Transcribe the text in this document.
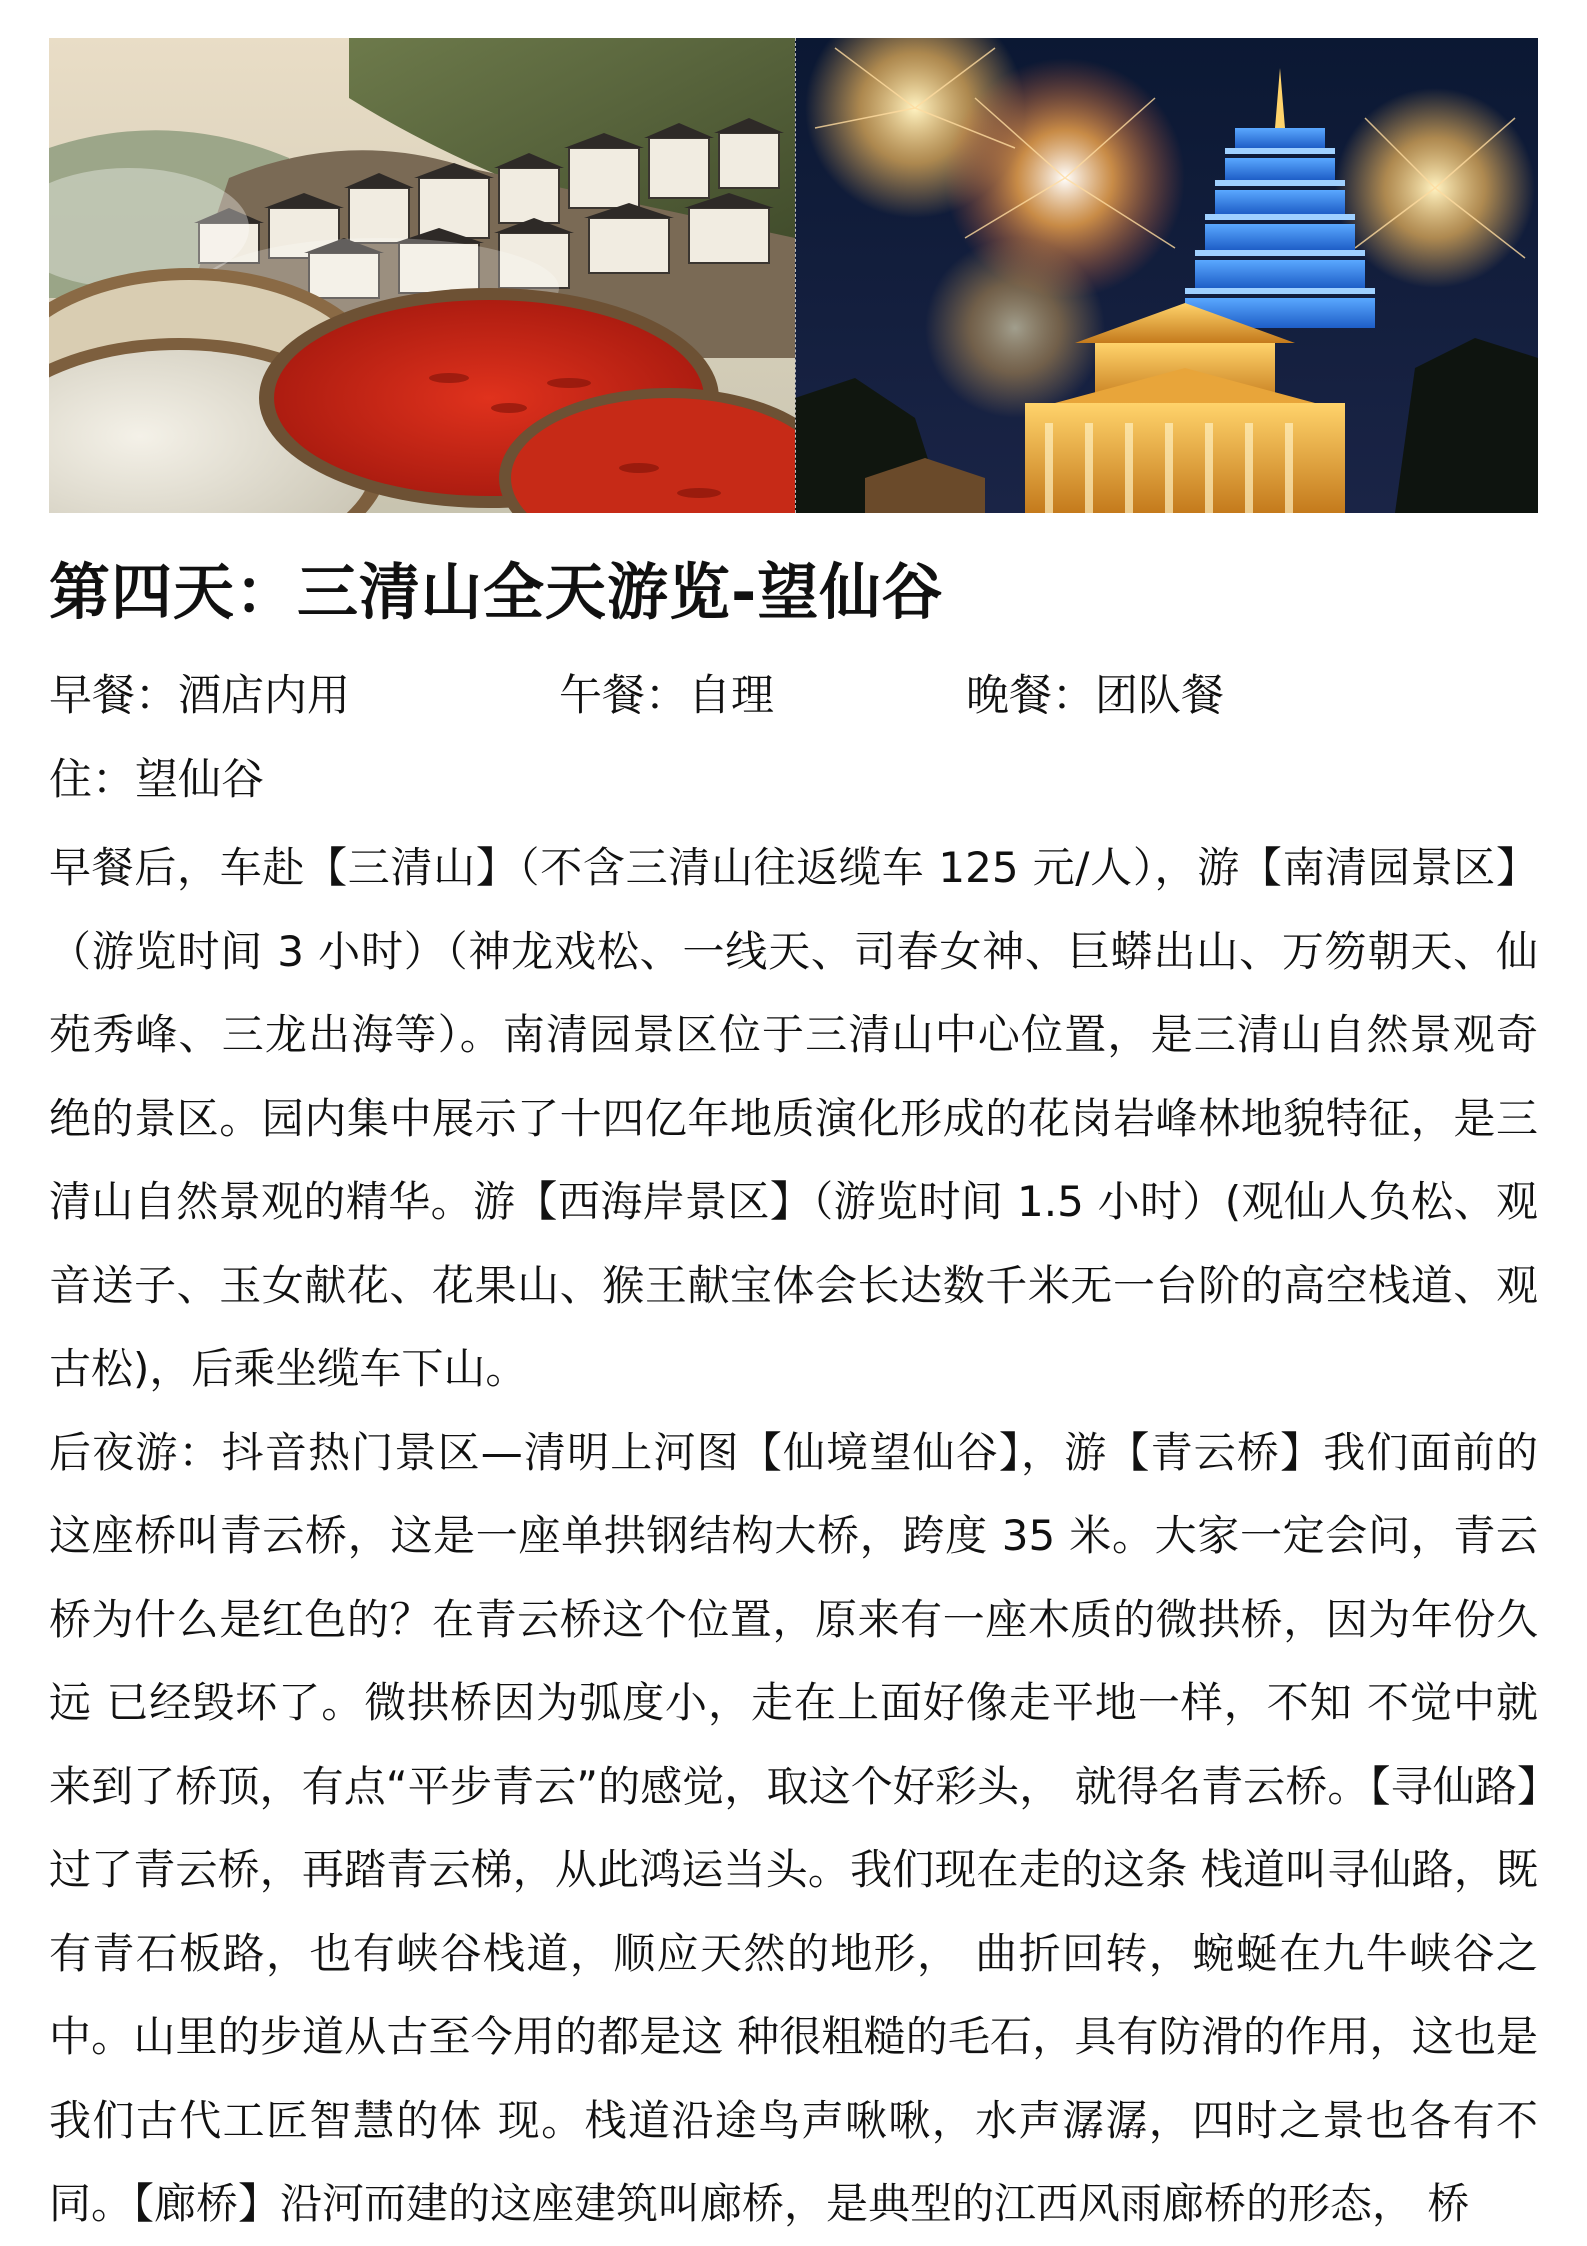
第四天：三清山全天游览-望仙谷
早餐：酒店内用	午餐：自理	晚餐：团队餐
住：望仙谷

早餐后，车赴【三清山】（不含三清山往返缆车 125 元/人），游【南清园景区】（游览时间 3 小时）（神龙戏松、一线天、司春女神、巨蟒出山、万笏朝天、仙苑秀峰、三龙出海等）。南清园景区位于三清山中心位置，是三清山自然景观奇绝的景区。园内集中展示了十四亿年地质演化形成的花岗岩峰林地貌特征，是三清山自然景观的精华。游【西海岸景区】（游览时间 1.5 小时）(观仙人负松、观音送子、玉女献花、花果山、猴王献宝体会长达数千米无一台阶的高空栈道、观古松)，后乘坐缆车下山。

后夜游：抖音热门景区—清明上河图【仙境望仙谷】，游【青云桥】我们面前的这座桥叫青云桥，这是一座单拱钢结构大桥，跨度 35 米。大家一定会问，青云桥为什么是红色的？在青云桥这个位置，原来有一座木质的微拱桥，因为年份久远 已经毁坏了。微拱桥因为弧度小，走在上面好像走平地一样，不知 不觉中就来到了桥顶，有点“平步青云”的感觉，取这个好彩头， 就得名青云桥。【寻仙路】过了青云桥，再踏青云梯，从此鸿运当头。我们现在走的这条 栈道叫寻仙路，既有青石板路，也有峡谷栈道，顺应天然的地形， 曲折回转，蜿蜒在九牛峡谷之中。山里的步道从古至今用的都是这 种很粗糙的毛石，具有防滑的作用，这也是我们古代工匠智慧的体 现。栈道沿途鸟声啾啾，水声潺潺，四时之景也各有不同。【廊桥】沿河而建的这座建筑叫廊桥，是典型的江西风雨廊桥的形态， 桥
